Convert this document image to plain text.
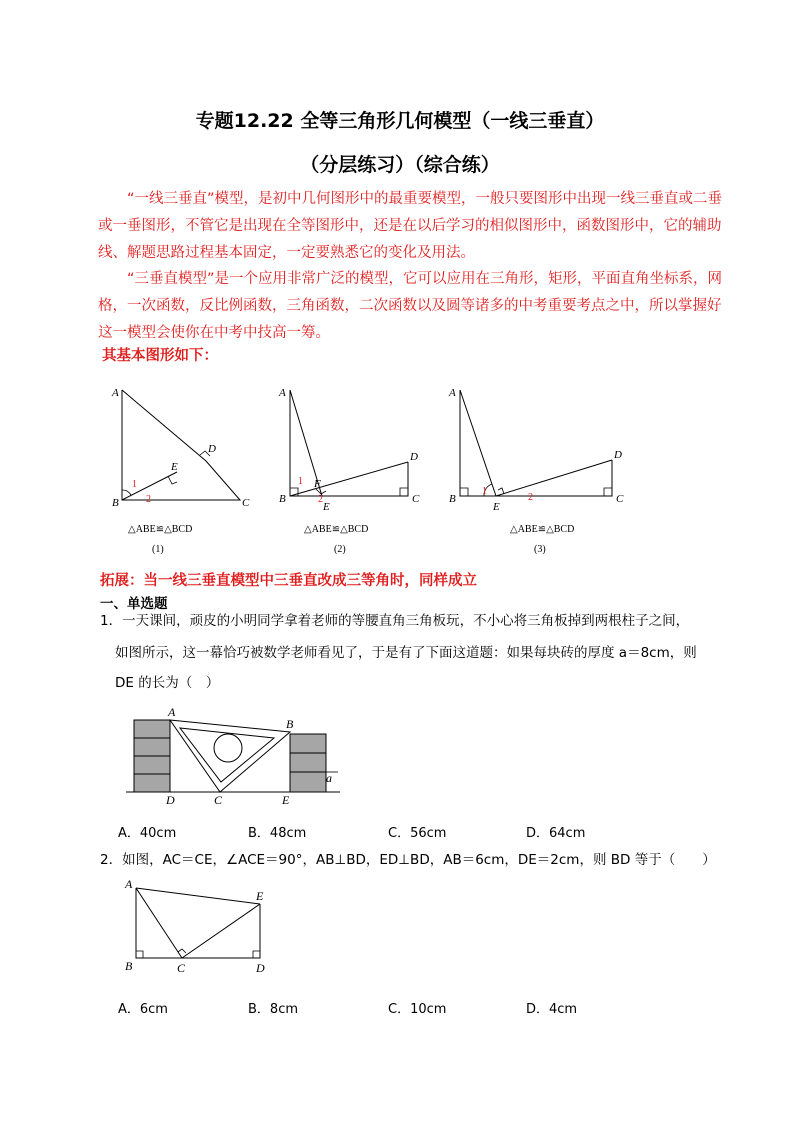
专题12.22 全等三角形几何模型（一线三垂直）
（分层练习）（综合练）

“一线三垂直”模型，是初中几何图形中的最重要模型，一般只要图形中出现一线三垂直或二垂或一垂图形，不管它是出现在全等图形中，还是在以后学习的相似图形中，函数图形中，它的辅助线、解题思路过程基本固定，一定要熟悉它的变化及用法。

“三垂直模型”是一个应用非常广泛的模型，它可以应用在三角形，矩形，平面直角坐标系，网格，一次函数，反比例函数，三角函数，二次函数以及圆等诸多的中考重要考点之中，所以掌握好这一模型会使你在中考中技高一筹。

其基本图形如下：
A
B	C
D
E
1
2
△ABE≌△BCD
(1)
A
B	C
D
E
F
1
2
△ABE≌△BCD
(2)
A
B	C
D
E
1
2
△ABE≌△BCD
(3)
拓展：当一线三垂直模型中三垂直改成三等角时，同样成立
一、单选题
1．一天课间，顽皮的小明同学拿着老师的等腰直角三角板玩，不小心将三角板掉到两根柱子之间，
如图所示，这一幕恰巧被数学老师看见了，于是有了下面这道题：如果每块砖的厚度 a＝8cm，则
DE 的长为（　）
A
B
C
D	E
a
A．40cm	B．48cm	C．56cm	D．64cm
2．如图，AC＝CE，∠ACE＝90°，AB⊥BD，ED⊥BD，AB＝6cm，DE＝2cm，则 BD 等于（　　）
A
B	C	D
E
A．6cm	B．8cm	C．10cm	D．4cm
